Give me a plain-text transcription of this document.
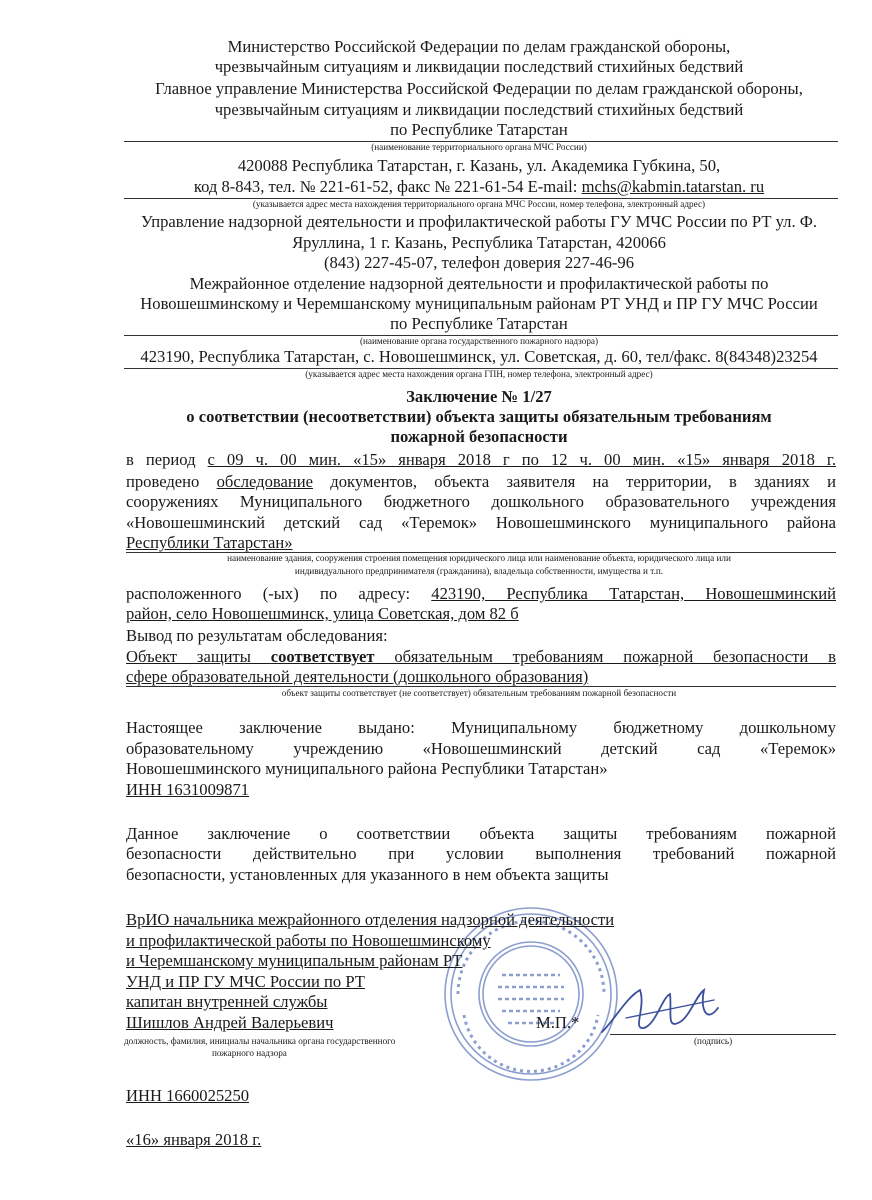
Министерство Российской Федерации по делам гражданской обороны,
чрезвычайным ситуациям и ликвидации последствий стихийных бедствий
Главное управление Министерства Российской Федерации по делам гражданской обороны,
чрезвычайным ситуациям и ликвидации последствий стихийных бедствий
по Республике Татарстан
(наименование территориального органа МЧС России)
420088 Республика Татарстан, г. Казань, ул. Академика Губкина, 50,
код 8-843, тел. № 221-61-52, факс № 221-61-54 E-mail: mchs@kabmin.tatarstan. ru
(указывается адрес места нахождения территориального органа МЧС России, номер телефона, электронный адрес)
Управление надзорной деятельности и профилактической работы ГУ МЧС России по РТ ул. Ф.
Яруллина, 1 г. Казань, Республика Татарстан, 420066
(843) 227-45-07, телефон доверия 227-46-96
Межрайонное отделение надзорной деятельности и профилактической работы по
Новошешминскому и Черемшанскому муниципальным районам РТ УНД и ПР ГУ МЧС России
по Республике Татарстан
(наименование органа государственного пожарного надзора)
423190, Республика Татарстан, с. Новошешминск, ул. Советская, д. 60, тел/факс. 8(84348)23254
(указывается адрес места нахождения органа ГПН, номер телефона, электронный адрес)
Заключение № 1/27
о соответствии (несоответствии) объекта защиты обязательным требованиям
пожарной безопасности
в период с 09 ч. 00 мин. «15» января 2018 г по 12 ч. 00 мин. «15» января 2018 г.
проведено обследование документов, объекта заявителя на территории, в зданиях и
сооружениях Муниципального бюджетного дошкольного образовательного учреждения
«Новошешминский детский сад «Теремок» Новошешминского муниципального района
Республики Татарстан»
наименование здания, сооружения строения помещения юридического лица или наименование объекта, юридического лица или
индивидуального предпринимателя (гражданина), владельца собственности, имущества и т.п.
расположенного (-ых) по адресу: 423190, Республика Татарстан, Новошешминский
район, село Новошешминск, улица Советская, дом 82 б
Вывод по результатам обследования:
Объект защиты соответствует обязательным требованиям пожарной безопасности в
сфере образовательной деятельности (дошкольного образования)
объект защиты соответствует (не соответствует) обязательным требованиям пожарной безопасности
Настоящее заключение выдано: Муниципальному бюджетному дошкольному
образовательному учреждению «Новошешминский детский сад «Теремок»
Новошешминского муниципального района Республики Татарстан»
ИНН 1631009871
Данное заключение о соответствии объекта защиты требованиям пожарной
безопасности действительно при условии выполнения требований пожарной
безопасности, установленных для указанного в нем объекта защиты
ВрИО начальника межрайонного отделения надзорной деятельности
и профилактической работы по Новошешминскому
и Черемшанскому муниципальным районам РТ
УНД и ПР ГУ МЧС России по РТ
капитан внутренней службы
Шишлов Андрей Валерьевич	М.П.*
должность, фамилия, инициалы начальника органа государственного
пожарного надзора
(подпись)
ИНН 1660025250
«16» января 2018 г.
